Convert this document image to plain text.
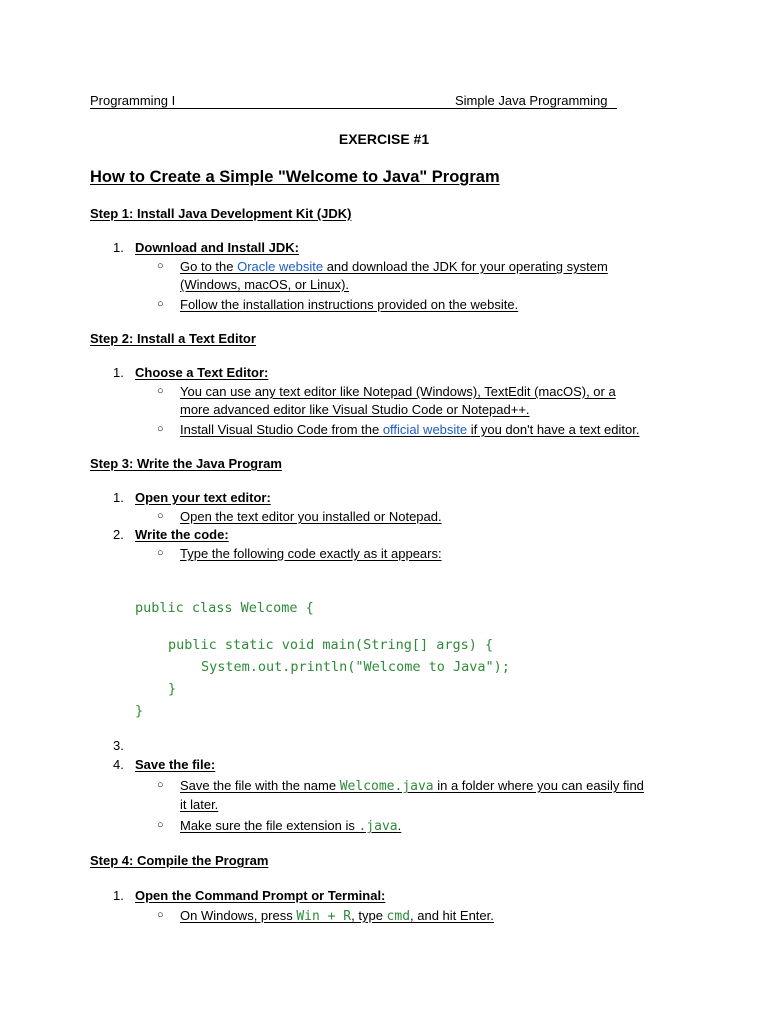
Programming I	Simple Java Programming
EXERCISE #1
How to Create a Simple "Welcome to Java" Program
Step 1: Install Java Development Kit (JDK)
1. Download and Install JDK:
○ Go to the Oracle website and download the JDK for your operating system
(Windows, macOS, or Linux).
○ Follow the installation instructions provided on the website.
Step 2: Install a Text Editor
1. Choose a Text Editor:
○ You can use any text editor like Notepad (Windows), TextEdit (macOS), or a
more advanced editor like Visual Studio Code or Notepad++.
○ Install Visual Studio Code from the official website if you don't have a text editor.
Step 3: Write the Java Program
1. Open your text editor:
○ Open the text editor you installed or Notepad.
2. Write the code:
○ Type the following code exactly as it appears:
public class Welcome {
public static void main(String[] args) {
System.out.println("Welcome to Java");
}
}
3.
4. Save the file:
○ Save the file with the name Welcome.java in a folder where you can easily find
it later.
○ Make sure the file extension is .java.
Step 4: Compile the Program
1. Open the Command Prompt or Terminal:
○ On Windows, press Win + R, type cmd, and hit Enter.
